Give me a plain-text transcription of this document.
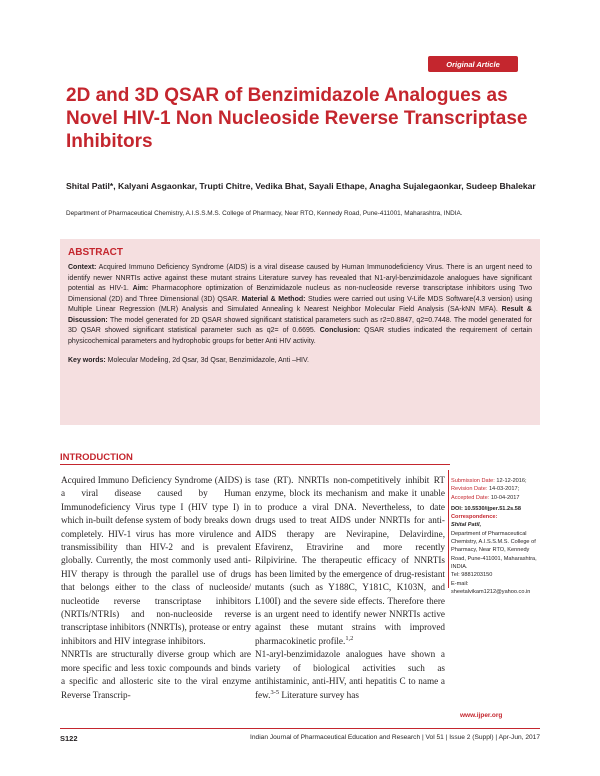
Original Article
2D and 3D QSAR of Benzimidazole Analogues as Novel HIV-1 Non Nucleoside Reverse Transcriptase Inhibitors
Shital Patil*, Kalyani Asgaonkar, Trupti Chitre, Vedika Bhat, Sayali Ethape, Anagha Sujalegaonkar, Sudeep Bhalekar
Department of Pharmaceutical Chemistry, A.I.S.S.M.S. College of Pharmacy, Near RTO, Kennedy Road, Pune-411001, Maharashtra, INDIA.
ABSTRACT
Context: Acquired Immuno Deficiency Syndrome (AIDS) is a viral disease caused by Human Immunodeficiency Virus. There is an urgent need to identify newer NNRTIs active against these mutant strains Literature survey has revealed that N1-aryl-benzimidazole analogues have significant potential as HIV-1. Aim: Pharmacophore optimization of Benzimidazole nucleus as non-nucleoside reverse transcriptase inhibitors using Two Dimensional (2D) and Three Dimensional (3D) QSAR. Material & Method: Studies were carried out using V-Life MDS Software(4.3 version) using Multiple Linear Regression (MLR) Analysis and Simulated Annealing k Nearest Neighbor Molecular Field Analysis (SA-kNN MFA). Result & Discussion: The model generated for 2D QSAR showed significant statistical parameters such as r2=0.8847, q2=0.7448. The model generated for 3D QSAR showed significant statistical parameter such as q2= of 0.6695. Conclusion: QSAR studies indicated the requirement of certain physicochemical parameters and hydrophobic groups for better Anti HIV activity.
Key words: Molecular Modeling, 2d Qsar, 3d Qsar, Benzimidazole, Anti –HIV.
INTRODUCTION

Acquired Immuno Deficiency Syndrome (AIDS) is a viral disease caused by Human Immunodeficiency Virus type I (HIV type I) in which in-built defense system of body breaks down completely. HIV-1 virus has more virulence and transmissibility than HIV-2 and is prevalent globally. Currently, the most commonly used anti-HIV therapy is through the parallel use of drugs that belongs either to the class of nucleoside/ nucleotide reverse transcriptase inhibitors (NRTIs/NTRIs) and non-nucleoside reverse transcriptase inhibitors (NNRTIs), protease or entry inhibitors and HIV integrase inhibitors.

NNRTIs are structurally diverse group which are more specific and less toxic compounds and binds a specific and allosteric site to the viral enzyme Reverse Transcrip-

tase (RT). NNRTIs non-competitively inhibit RT enzyme, block its mechanism and make it unable to produce a viral DNA. Nevertheless, to date drugs used to treat AIDS under NNRTIs for anti-AIDS therapy are Nevirapine, Delavirdine, Efavirenz, Etravirine and more recently Rilpivirine. The therapeutic efficacy of NNRTIs has been limited by the emergence of drug-resistant mutants (such as Y188C, Y181C, K103N, and L100I) and the severe side effects. Therefore there is an urgent need to identify newer NNRTIs active against these mutant strains with improved pharmacokinetic profile.$^{1,2}$

N1-aryl-benzimidazole analogues have shown a variety of biological activities such as antihistaminic, anti-HIV, anti hepatitis C to name a few.$^{3-5}$ Literature survey has

Submission Date: 12-12-2016;
Revision Date: 14-03-2017;
Accepted Date: 10-04-2017
DOI: 10.5530/ijper.51.2s.58
Correspondence:
Shital Patil,
Department of Pharmaceutical Chemistry, A.I.S.S.M.S. College of Pharmacy, Near RTO, Kennedy Road, Pune-411001, Maharashtra, INDIA.
Tel: 9881203150
E-mail: sheetalvikam1212@yahoo.co.in
www.ijper.org
S122	Indian Journal of Pharmaceutical Education and Research | Vol 51 | Issue 2 (Suppl) | Apr-Jun, 2017
